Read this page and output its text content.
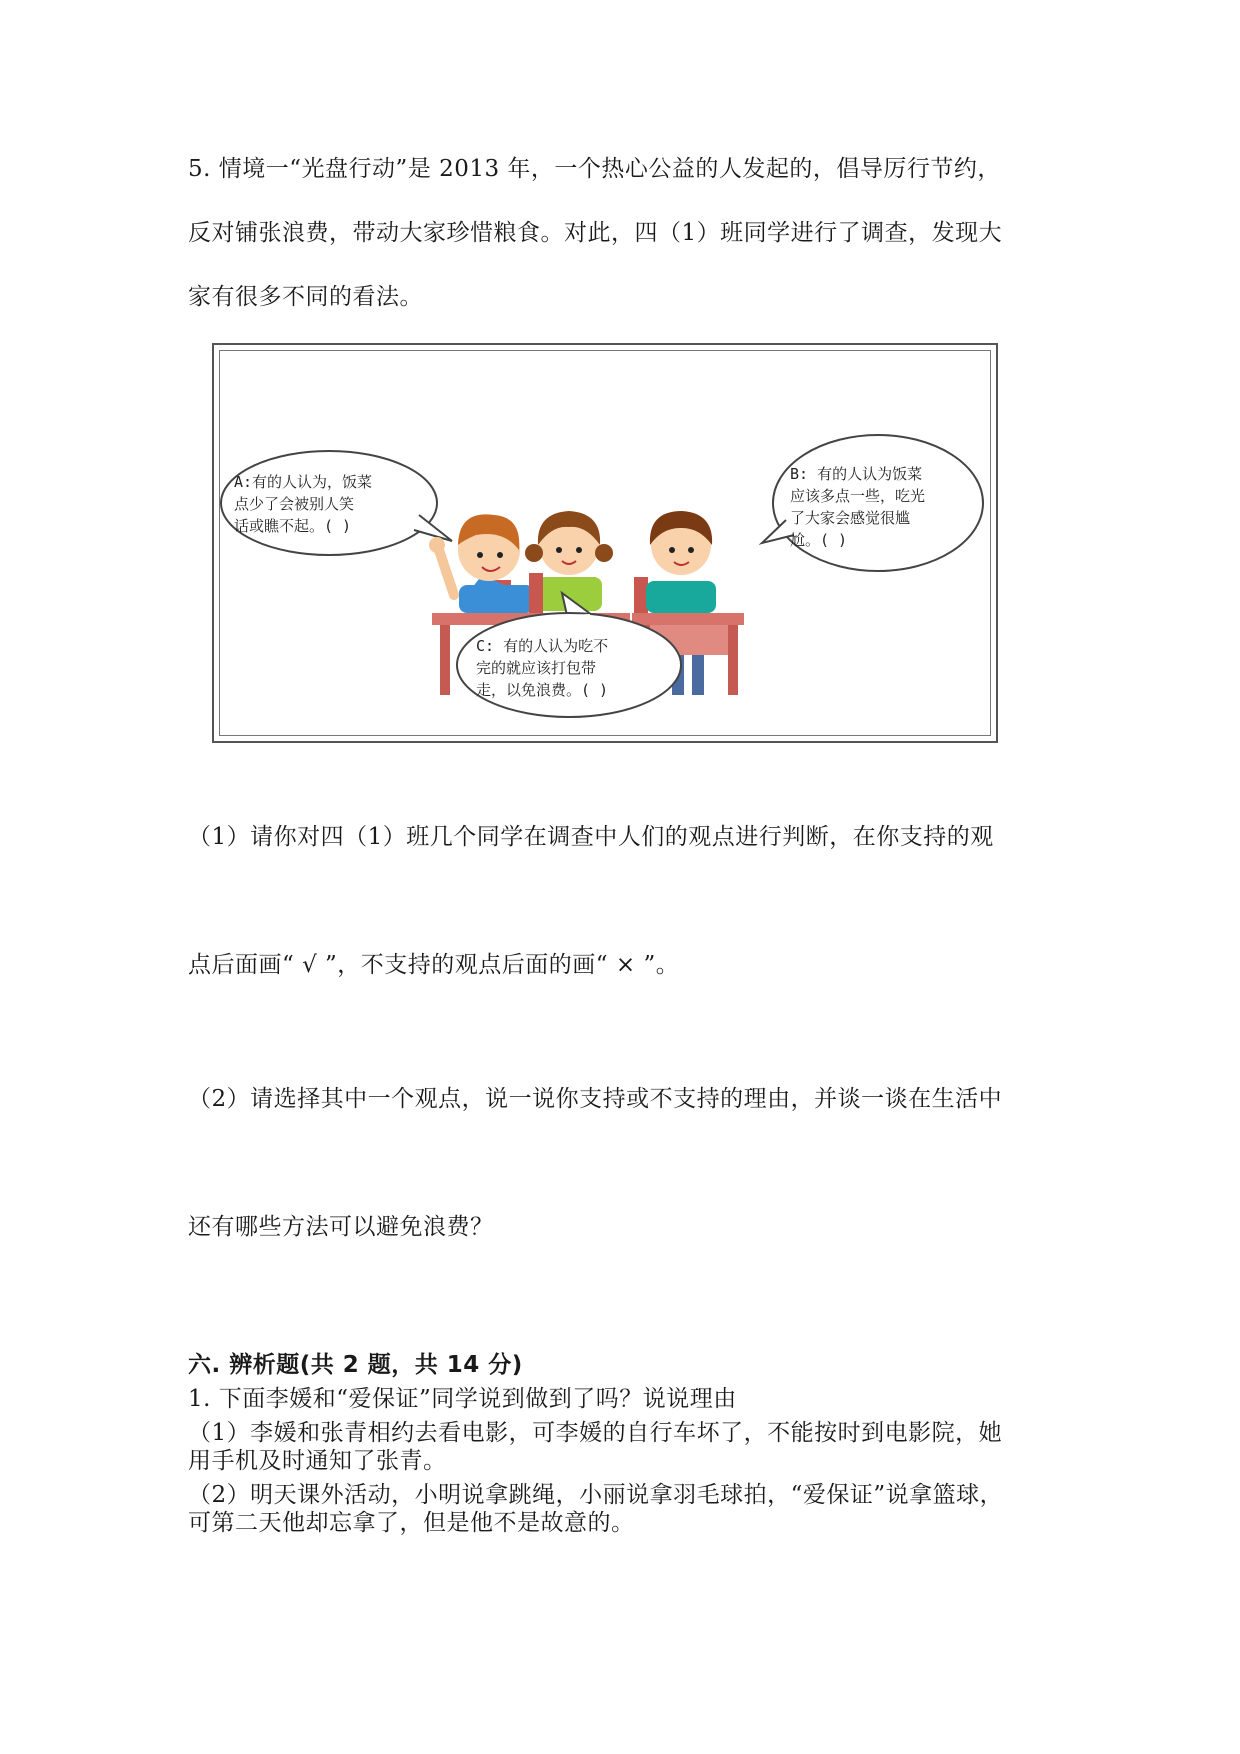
5. 情境一“光盘行动”是 2013 年，一个热心公益的人发起的，倡导厉行节约，
反对铺张浪费，带动大家珍惜粮食。对此，四（1）班同学进行了调查，发现大
家有很多不同的看法。
A:有的人认为，饭菜
点少了会被别人笑
话或瞧不起。( )
B: 有的人认为饭菜
应该多点一些，吃光
了大家会感觉很尴
尬。( )
C: 有的人认为吃不
完的就应该打包带
走，以免浪费。( )
（1）请你对四（1）班几个同学在调查中人们的观点进行判断，在你支持的观
点后面画“ √ ”，不支持的观点后面的画“ × ”。
（2）请选择其中一个观点，说一说你支持或不支持的理由，并谈一谈在生活中
还有哪些方法可以避免浪费？
六. 辨析题(共 2 题，共 14 分)
1. 下面李媛和“爱保证”同学说到做到了吗？说说理由
（1）李媛和张青相约去看电影，可李媛的自行车坏了，不能按时到电影院，她
用手机及时通知了张青。
（2）明天课外活动，小明说拿跳绳，小丽说拿羽毛球拍，“爱保证”说拿篮球，
可第二天他却忘拿了，但是他不是故意的。
